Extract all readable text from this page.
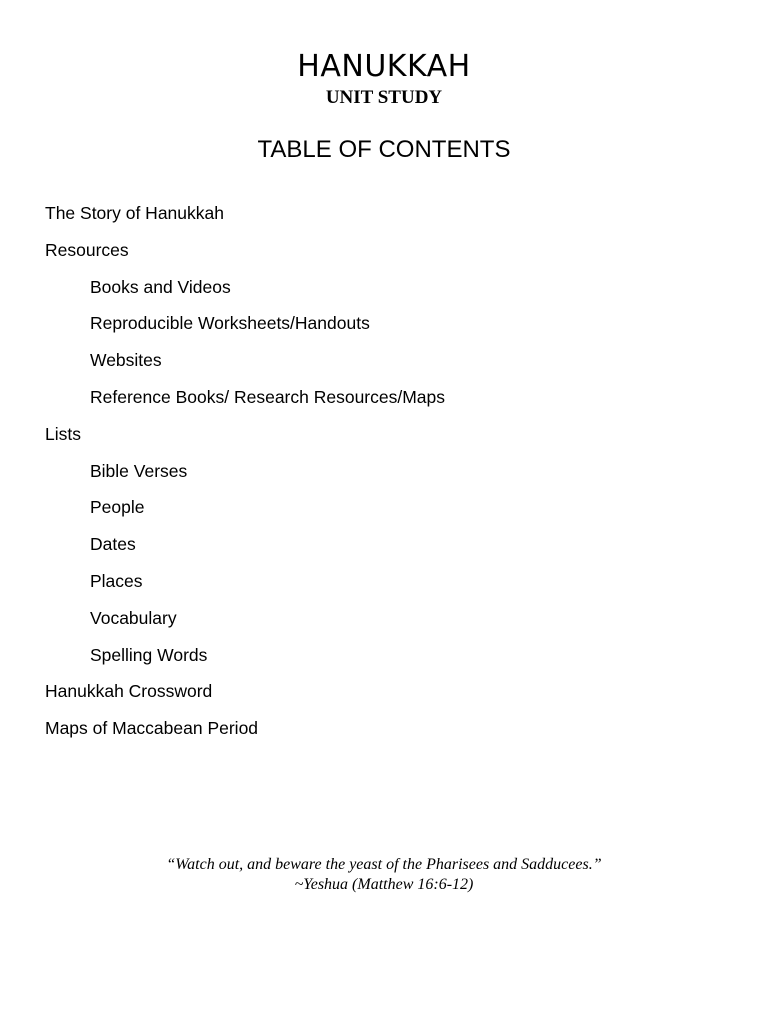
HANUKKAH
UNIT STUDY
TABLE OF CONTENTS
The Story of Hanukkah
Resources
Books and Videos
Reproducible Worksheets/Handouts
Websites
Reference Books/ Research Resources/Maps
Lists
Bible Verses
People
Dates
Places
Vocabulary
Spelling Words
Hanukkah Crossword
Maps of Maccabean Period
“Watch out, and beware the yeast of the Pharisees and Sadducees.”
~Yeshua (Matthew 16:6-12)
